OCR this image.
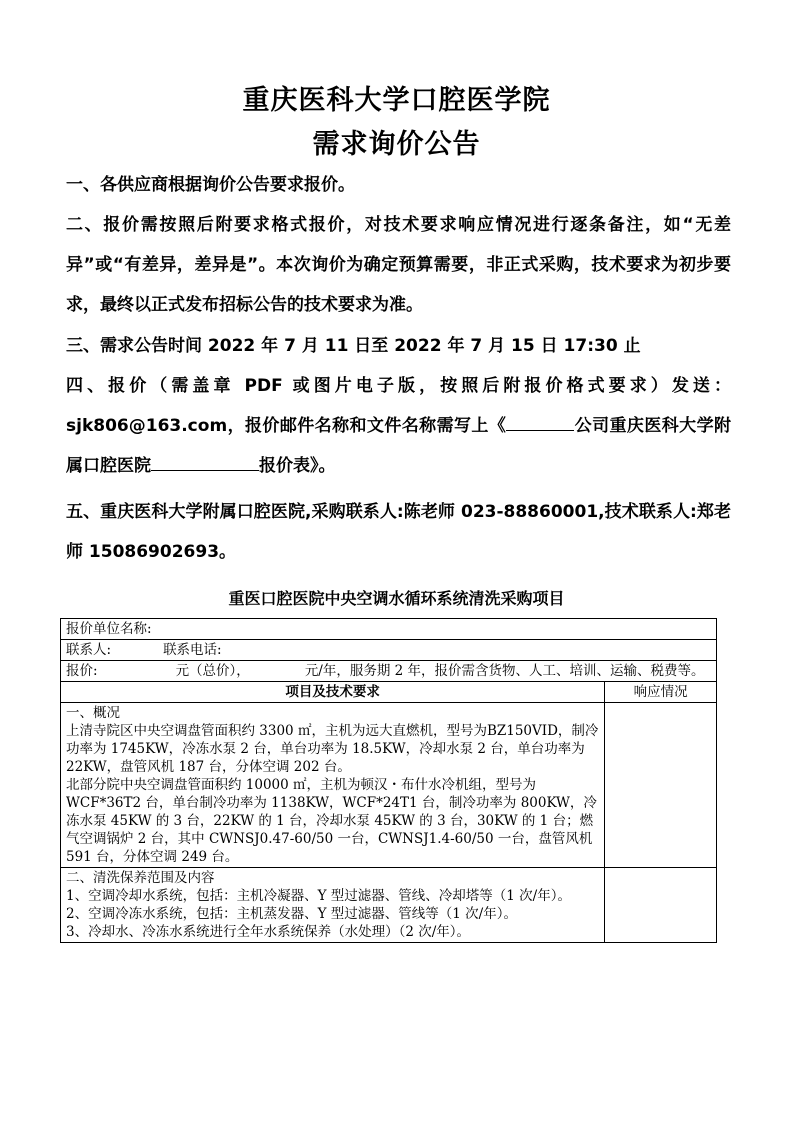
重庆医科大学口腔医学院
需求询价公告
一、各供应商根据询价公告要求报价。
二、报价需按照后附要求格式报价，对技术要求响应情况进行逐条备注，如“无差异”或“有差异，差异是”。本次询价为确定预算需要，非正式采购，技术要求为初步要求，最终以正式发布招标公告的技术要求为准。
三、需求公告时间 2022 年 7 月 11 日至 2022 年 7 月 15 日 17:30 止
四、报价（需盖章 PDF 或图片电子版，按照后附报价格式要求）发送：sjk806@163.com，报价邮件名称和文件名称需写上《	公司重庆医科大学附属口腔医院	报价表》。
五、重庆医科大学附属口腔医院,采购联系人:陈老师 023-88860001,技术联系人:郑老师 15086902693。
重医口腔医院中央空调水循环系统清洗采购项目
报价单位名称:	
联系人: 联系电话:	
报价: 元（总价）， 元/年，服务期 2 年，报价需含货物、人工、培训、运输、税费等。	
项目及技术要求	响应情况

一、概况
上清寺院区中央空调盘管面积约 3300 ㎡，主机为远大直燃机，型号为BZ150VID，制冷功率为 1745KW，冷冻水泵 2 台，单台功率为 18.5KW，冷却水泵 2 台，单台功率为 22KW，盘管风机 187 台，分体空调 202 台。
北部分院中央空调盘管面积约 10000 ㎡，主机为顿汉・布什水冷机组，型号为 WCF*36T2 台，单台制冷功率为 1138KW，WCF*24T1 台，制冷功率为 800KW，冷冻水泵 45KW 的 3 台，22KW 的 1 台，冷却水泵 45KW 的 3 台，30KW 的 1 台；燃气空调锅炉 2 台，其中 CWNSJ0.47-60/50 一台，CWNSJ1.4-60/50 一台，盘管风机 591 台，分体空调 249 台。	

二、清洗保养范围及内容
1、空调冷却水系统，包括：主机冷凝器、Y 型过滤器、管线、冷却塔等（1 次/年）。
2、空调冷冻水系统，包括：主机蒸发器、Y 型过滤器、管线等（1 次/年）。
3、冷却水、冷冻水系统进行全年水系统保养（水处理）（2 次/年）。	
